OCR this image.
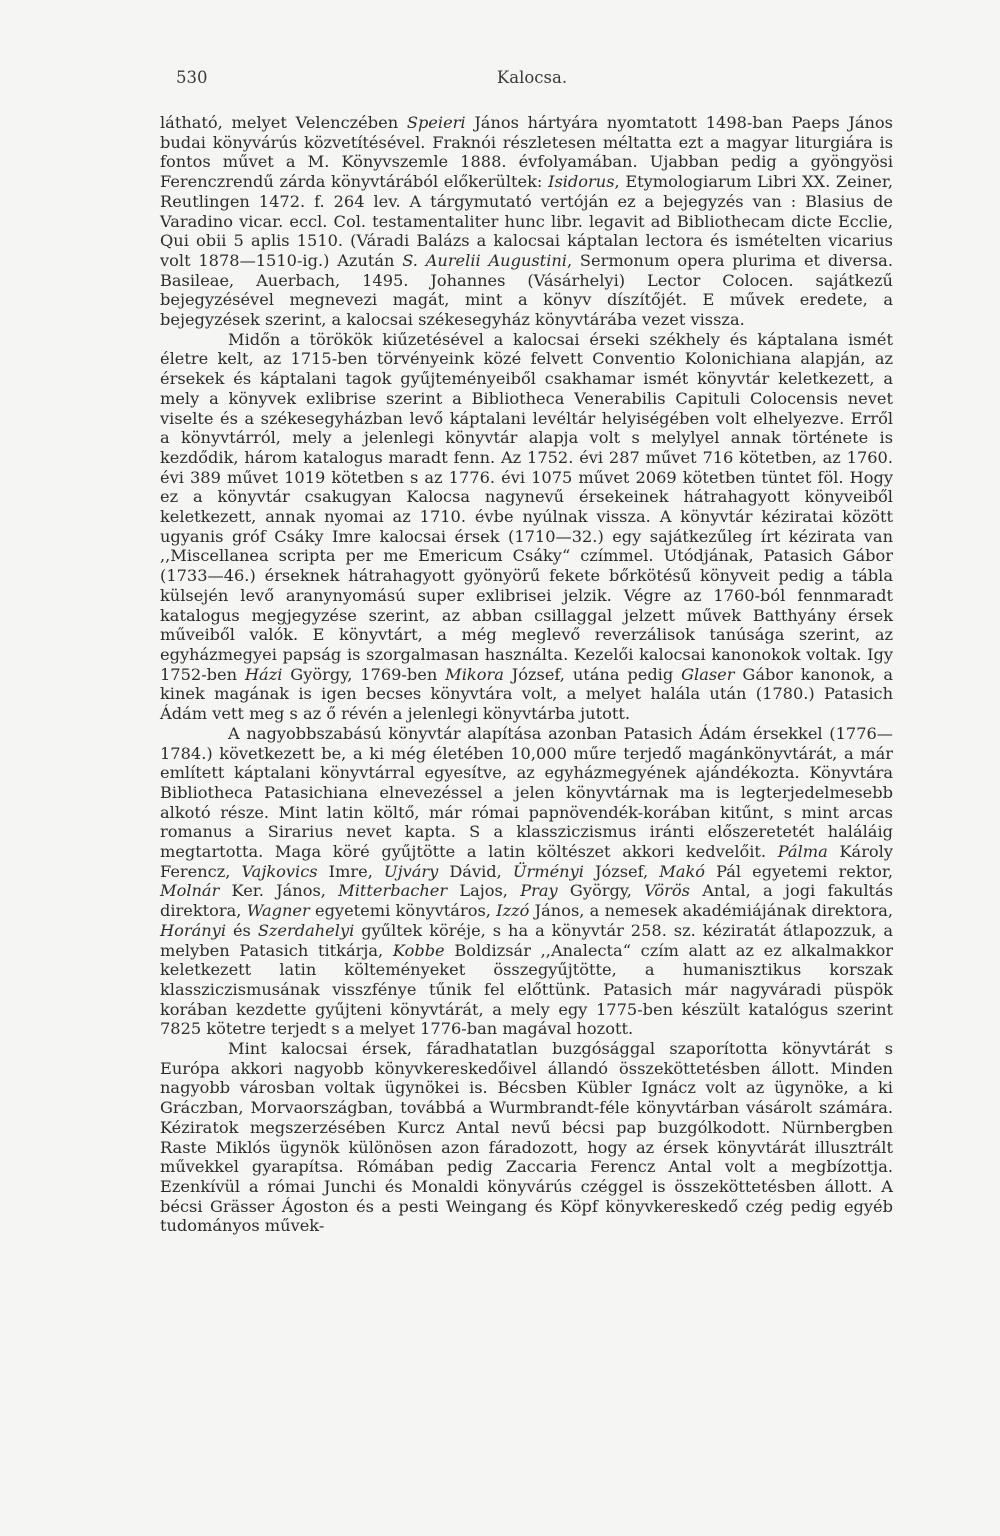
530	Kalocsa.

látható, melyet Velenczében Speieri János hártyára nyomtatott 1498-ban Paeps János budai könyvárús közvetítésével. Fraknói részletesen méltatta ezt a magyar liturgiára is fontos művet a M. Könyvszemle 1888. évfolyamában. Ujabban pedig a gyöngyösi Ferenczrendű zárda könyvtárából előkerültek: Isidorus, Etymologiarum Libri XX. Zeiner, Reutlingen 1472. f. 264 lev. A tárgymutató vertóján ez a bejegyzés van : Blasius de Varadino vicar. eccl. Col. testamentaliter hunc libr. legavit ad Bibliothecam dicte Ecclie, Qui obii 5 aplis 1510. (Váradi Balázs a kalocsai káptalan lectora és ismételten vicarius volt 1878—1510-ig.) Azután S. Aurelii Augustini, Sermonum opera plurima et diversa. Basileae, Auerbach, 1495. Johannes (Vásárhelyi) Lector Colocen. sajátkezű bejegyzésével megnevezi magát, mint a könyv díszítőjét. E művek eredete, a bejegyzések szerint, a kalocsai székesegyház könyvtárába vezet vissza.

Midőn a törökök kiűzetésével a kalocsai érseki székhely és káptalana ismét életre kelt, az 1715-ben törvényeink közé felvett Conventio Kolonichiana alapján, az érsekek és káptalani tagok gyűjteményeiből csakhamar ismét könyvtár keletkezett, a mely a könyvek exlibrise szerint a Bibliotheca Venerabilis Capituli Colocensis nevet viselte és a székesegyházban levő káptalani levéltár helyiségében volt elhelyezve. Erről a könyvtárról, mely a jelenlegi könyvtár alapja volt s melylyel annak története is kezdődik, három katalogus maradt fenn. Az 1752. évi 287 művet 716 kötetben, az 1760. évi 389 művet 1019 kötetben s az 1776. évi 1075 művet 2069 kötetben tüntet föl. Hogy ez a könyvtár csakugyan Kalocsa nagynevű érsekeinek hátrahagyott könyveiből keletkezett, annak nyomai az 1710. évbe nyúlnak vissza. A könyvtár kéziratai között ugyanis gróf Csáky Imre kalocsai érsek (1710—32.) egy sajátkezűleg írt kézirata van ,,Miscellanea scripta per me Emericum Csáky“ czímmel. Utódjának, Patasich Gábor (1733—46.) érseknek hátrahagyott gyönyörű fekete bőrkötésű könyveit pedig a tábla külsején levő aranynyomású super exlibrisei jelzik. Végre az 1760-ból fennmaradt katalogus megjegyzése szerint, az abban csillaggal jelzett művek Batthyány érsek műveiből valók. E könyvtárt, a még meglevő reverzálisok tanúsága szerint, az egyházmegyei papság is szorgalmasan használta. Kezelői kalocsai kanonokok voltak. Igy 1752-ben Házi György, 1769-ben Mikora József, utána pedig Glaser Gábor kanonok, a kinek magának is igen becses könyvtára volt, a melyet halála után (1780.) Patasich Ádám vett meg s az ő révén a jelenlegi könyvtárba jutott.

A nagyobbszabású könyvtár alapítása azonban Patasich Ádám érsekkel (1776—1784.) következett be, a ki még életében 10,000 műre terjedő magánkönyvtárát, a már említett káptalani könyvtárral egyesítve, az egyházmegyének ajándékozta. Könyvtára Bibliotheca Patasichiana elnevezéssel a jelen könyvtárnak ma is legterjedelmesebb alkotó része. Mint latin költő, már római papnövendék-korában kitűnt, s mint arcas romanus a Sirarius nevet kapta. S a klassziczismus iránti előszeretetét haláláig megtartotta. Maga köré gyűjtötte a latin költészet akkori kedvelőit. Pálma Károly Ferencz, Vajkovics Imre, Ujváry Dávid, Ürményi József, Makó Pál egyetemi rektor, Molnár Ker. János, Mitterbacher Lajos, Pray György, Vörös Antal, a jogi fakultás direktora, Wagner egyetemi könyvtáros, Izzó János, a nemesek akadémiájának direktora, Horányi és Szerdahelyi gyűltek köréje, s ha a könyvtár 258. sz. kéziratát átlapozzuk, a melyben Patasich titkárja, Kobbe Boldizsár ,,Analecta“ czím alatt az ez alkalmakkor keletkezett latin költeményeket összegyűjtötte, a humanisztikus korszak klassziczismusának visszfénye tűnik fel előttünk. Patasich már nagyváradi püspök korában kezdette gyűjteni könyvtárát, a mely egy 1775-ben készült katalógus szerint 7825 kötetre terjedt s a melyet 1776-ban magával hozott.

Mint kalocsai érsek, fáradhatatlan buzgósággal szaporította könyvtárát s Európa akkori nagyobb könyvkereskedőivel állandó összeköttetésben állott. Minden nagyobb városban voltak ügynökei is. Bécsben Kübler Ignácz volt az ügynöke, a ki Gráczban, Morvaországban, továbbá a Wurmbrandt-féle könyvtárban vásárolt számára. Kéziratok megszerzésében Kurcz Antal nevű bécsi pap buzgólkodott. Nürnbergben Raste Miklós ügynök különösen azon fáradozott, hogy az érsek könyvtárát illusztrált művekkel gyarapítsa. Rómában pedig Zaccaria Ferencz Antal volt a megbízottja. Ezenkívül a római Junchi és Monaldi könyvárús czéggel is összeköttetésben állott. A bécsi Grässer Ágoston és a pesti Weingang és Köpf könyvkereskedő czég pedig egyéb tudományos művek-
